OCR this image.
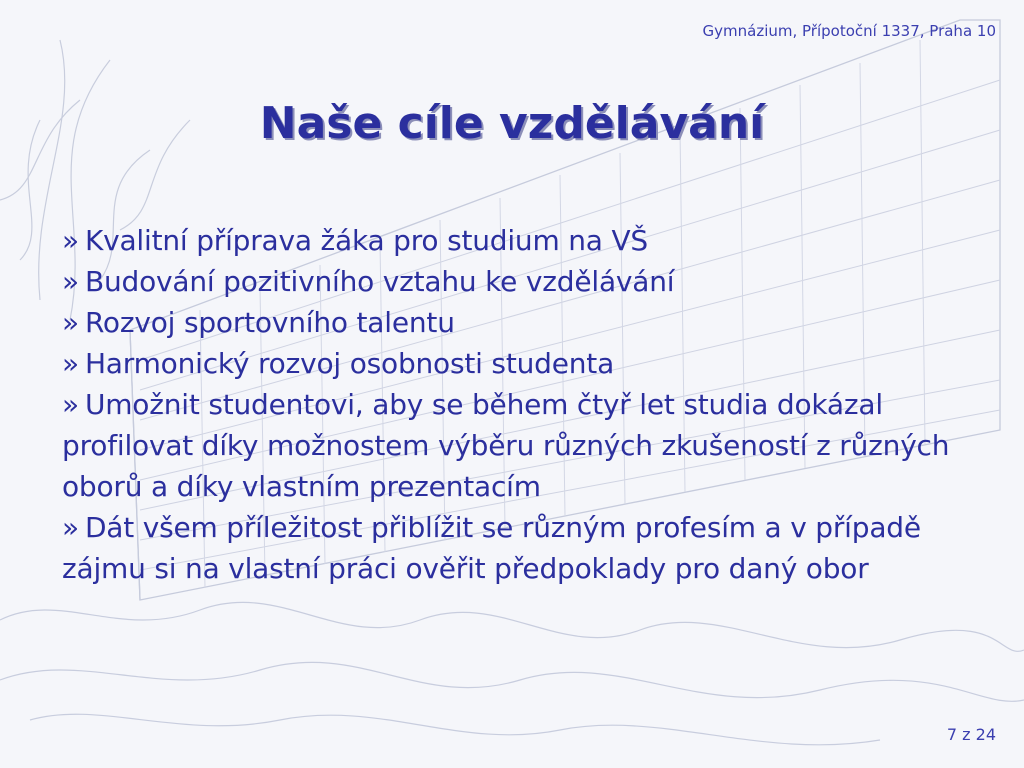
Gymnázium, Přípotoční 1337, Praha 10
Naše cíle vzdělávání
» Kvalitní příprava žáka pro studium na VŠ
» Budování pozitivního vztahu ke vzdělávání
» Rozvoj sportovního talentu
» Harmonický rozvoj osobnosti studenta
» Umožnit studentovi, aby se během čtyř let studia dokázal profilovat díky možnostem výběru různých zkušeností z různých oborů a díky vlastním prezentacím
» Dát všem příležitost přiblížit se různým profesím a v případě zájmu si na vlastní práci ověřit předpoklady pro daný obor
7 z 24
